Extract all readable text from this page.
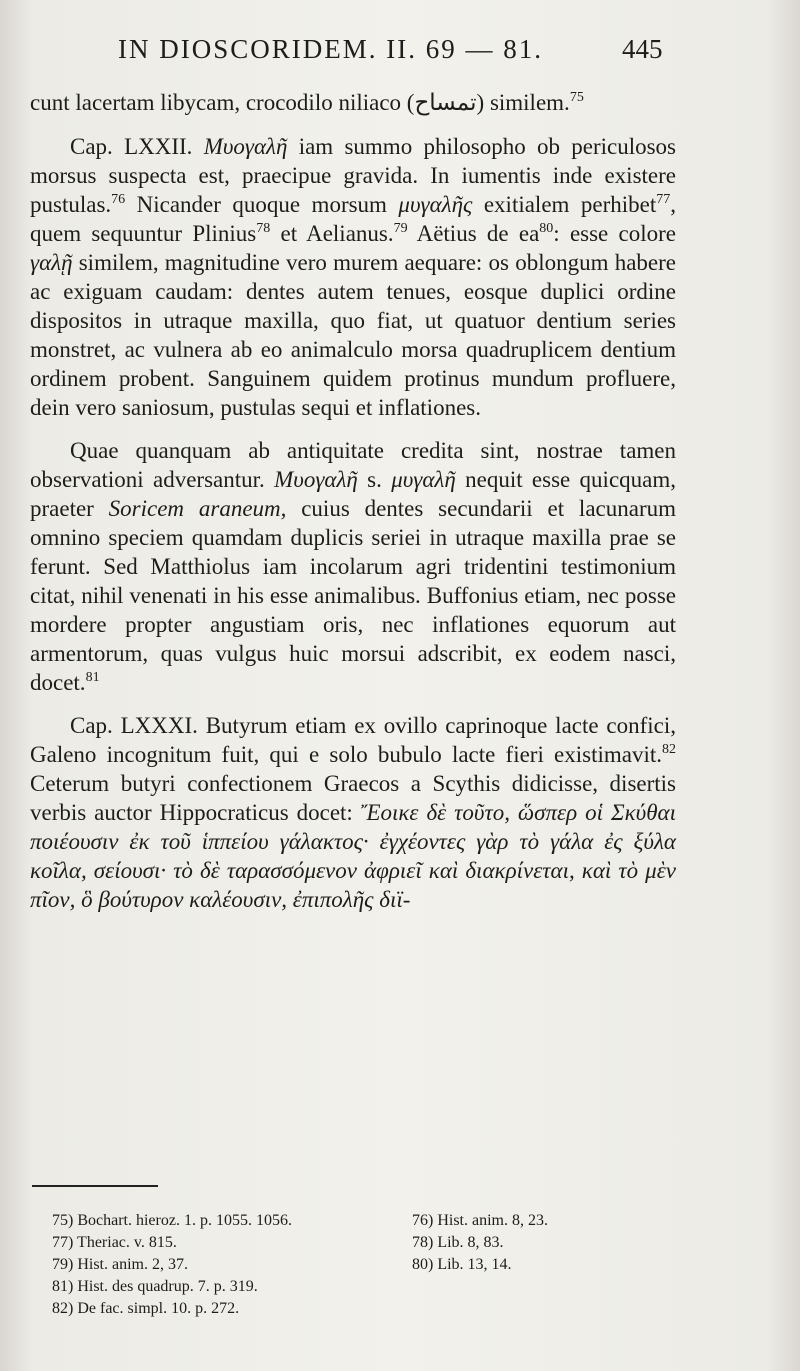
IN DIOSCORIDEM. II. 69 — 81.	445

cunt lacertam libycam, crocodilo niliaco (تمساح) similem.$^{75}$

Cap. LXXII. Μυογαλῆ iam summo philosopho ob periculosos morsus suspecta est, praecipue gravida. In iumentis inde existere pustulas.$^{76}$ Nicander quoque morsum μυγαλῆς exitialem perhibet$^{77}$, quem sequuntur Plinius$^{78}$ et Aelianus.$^{79}$ Aëtius de $ea^{80}$: esse colore γαλῇ similem, magnitudine vero murem aequare: os oblongum habere ac exiguam caudam: dentes autem tenues, eosque duplici ordine dispositos in utraque maxilla, quo fiat, ut quatuor dentium series monstret, ac vulnera ab eo animalculo morsa quadruplicem dentium ordinem probent. Sanguinem quidem protinus mundum profluere, dein vero saniosum, pustulas sequi et inflationes.

Quae quanquam ab antiquitate credita sint, nostrae tamen observationi adversantur. Μυογαλῆ s. μυγαλῆ nequit esse quicquam, praeter Soricem araneum, cuius dentes secundarii et lacunarum omnino speciem quamdam duplicis seriei in utraque maxilla prae se ferunt. Sed Matthiolus iam incolarum agri tridentini testimonium citat, nihil venenati in his esse animalibus. Buffonius etiam, nec posse mordere propter angustiam oris, nec inflationes equorum aut armentorum, quas vulgus huic morsui adscribit, ex eodem nasci, docet.$^{81}$

Cap. LXXXI. Butyrum etiam ex ovillo caprinoque lacte confici, Galeno incognitum fuit, qui e solo bubulo lacte fieri existimavit.$^{82}$ Ceterum butyri confectionem Graecos a Scythis didicisse, disertis verbis auctor Hippocraticus docet: Ἔοικε δὲ τοῦτο, ὥσπερ οἱ Σκύθαι ποιέουσιν ἐκ τοῦ ἱππείου γάλακτος· ἐγχέοντες γὰρ τὸ γάλα ἐς ξύλα κοῖλα, σείουσι· τὸ δὲ ταρασσόμενον ἀφριεῖ καὶ διακρίνεται, καὶ τὸ μὲν πῖον, ὃ βούτυρον καλέουσιν, ἐπιπολῆς διϊ-

75) Bochart. hieroz. 1. p. 1055. 1056.	76) Hist. anim. 8, 23.
77) Theriac. v. 815.	78) Lib. 8, 83.
79) Hist. anim. 2, 37.	80) Lib. 13, 14.
81) Hist. des quadrup. 7. p. 319.
82) De fac. simpl. 10. p. 272.
